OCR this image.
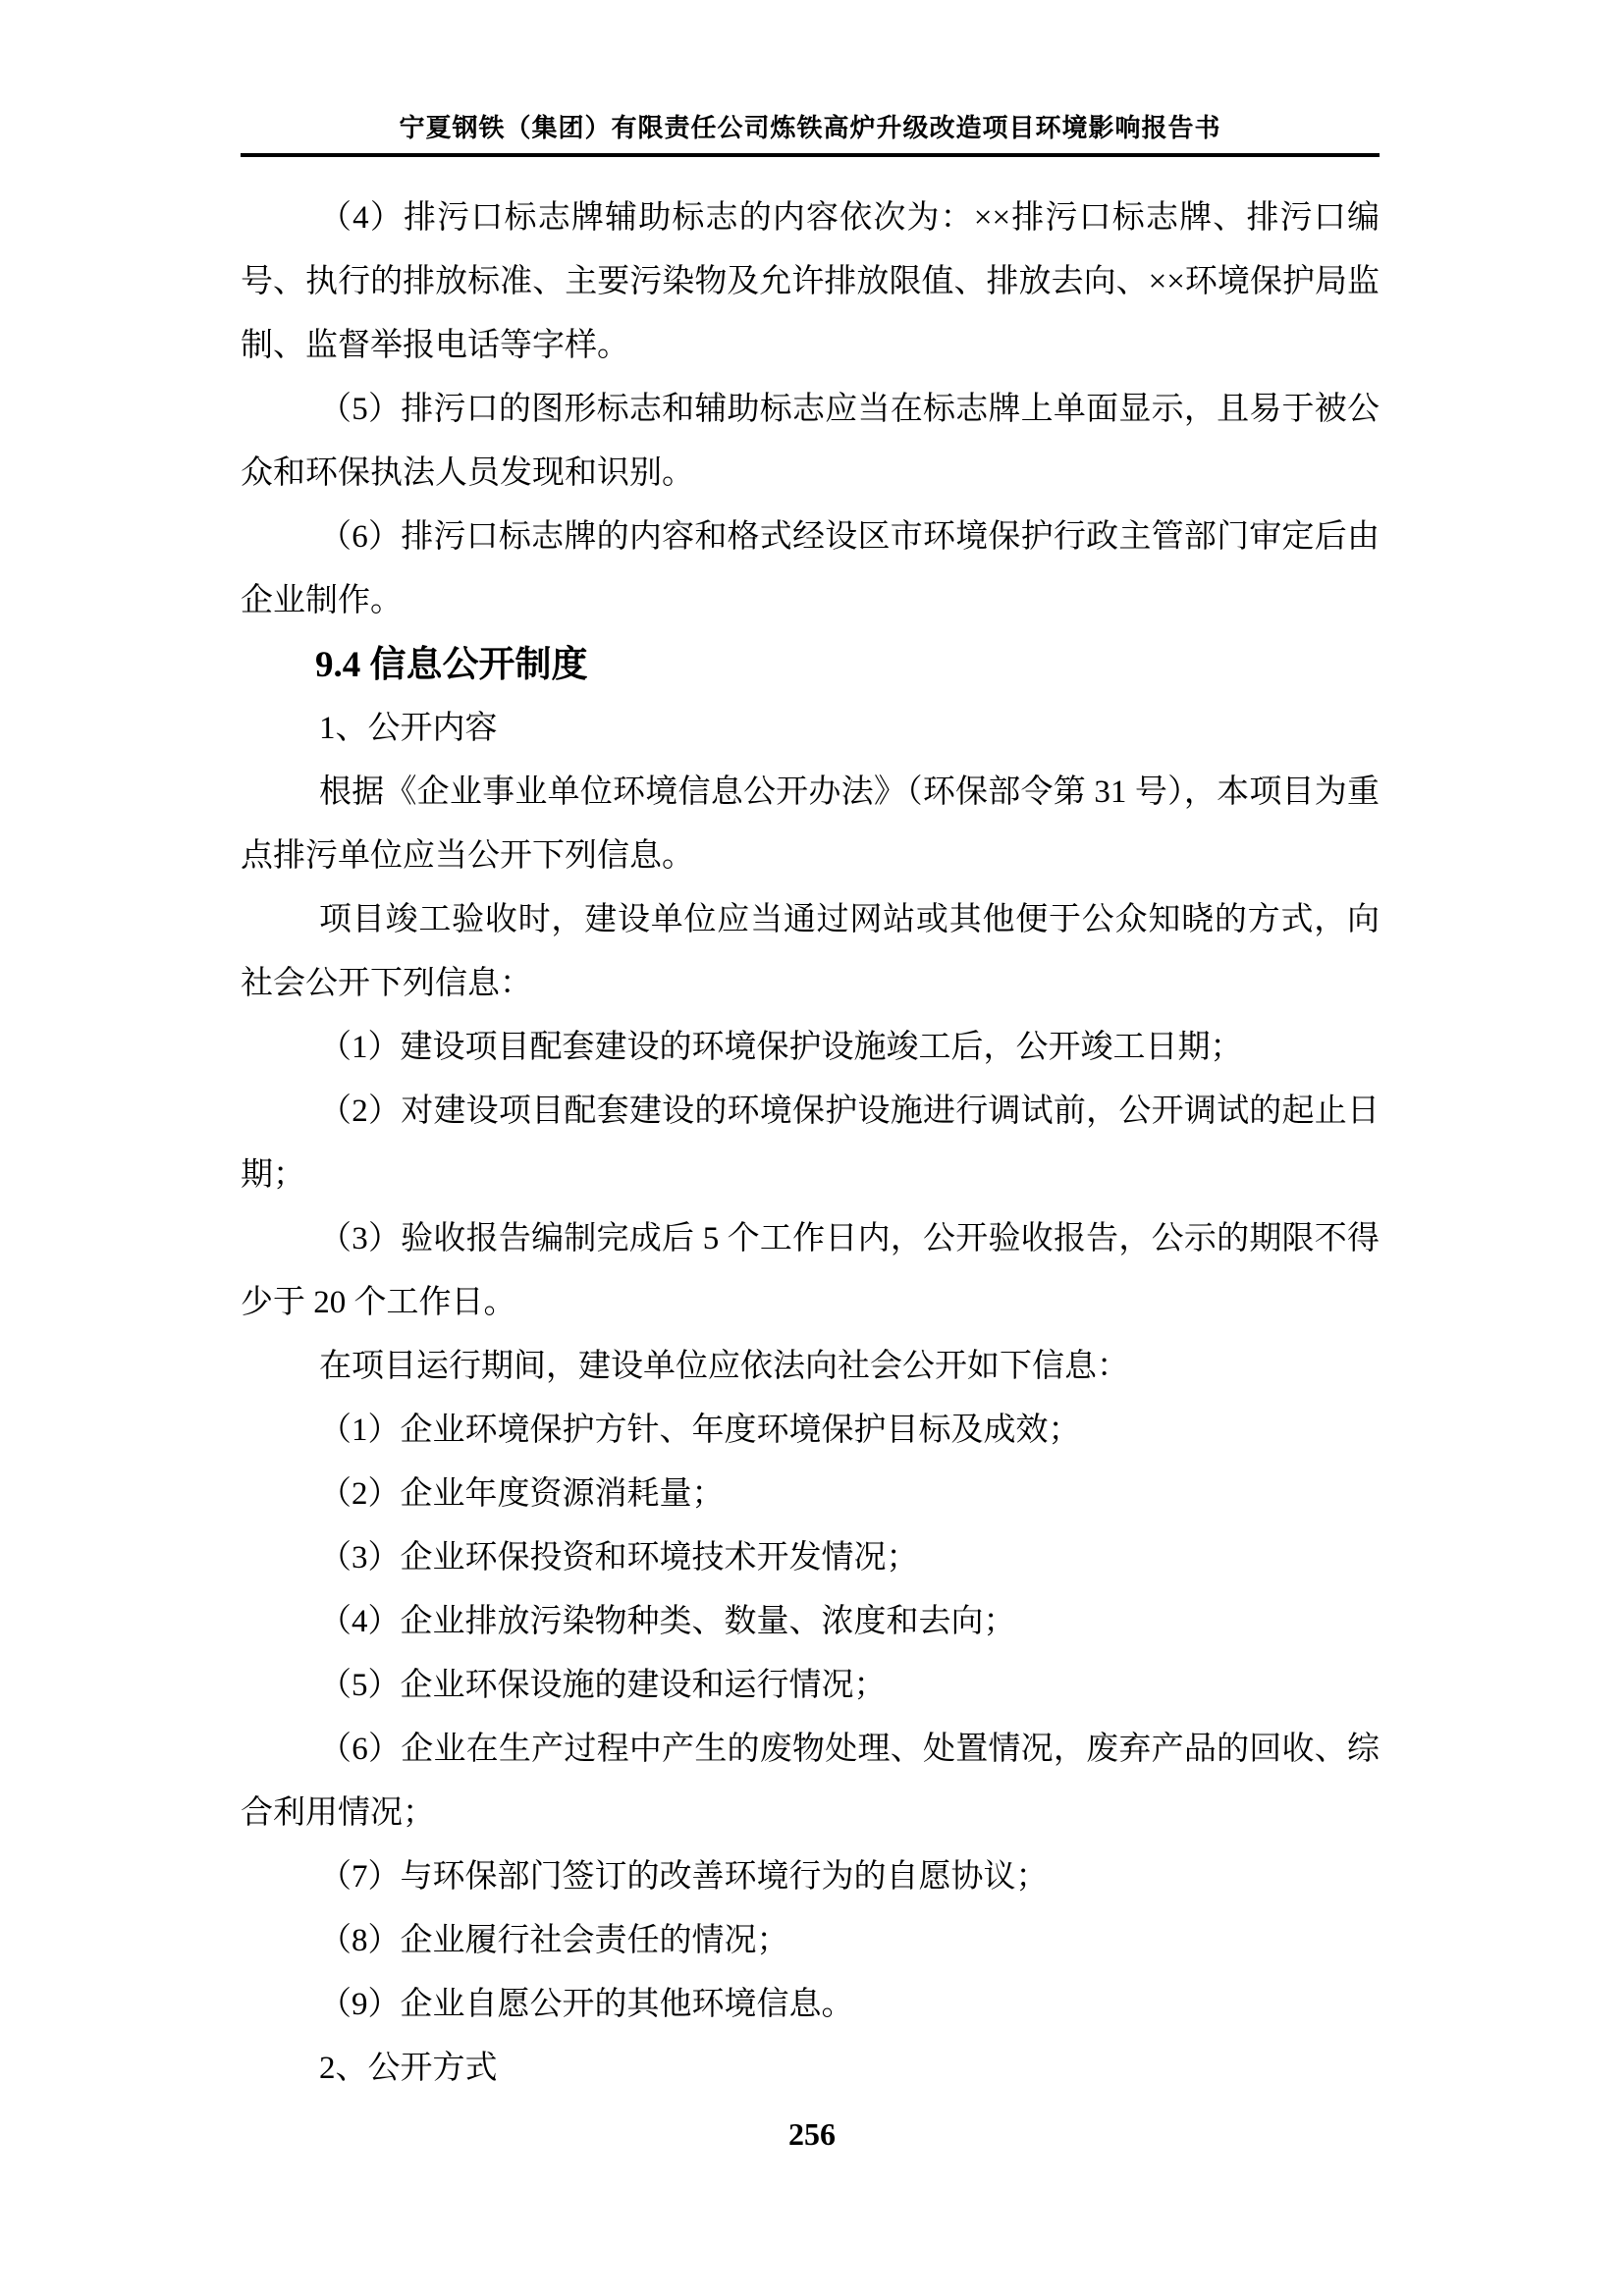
宁夏钢铁（集团）有限责任公司炼铁高炉升级改造项目环境影响报告书

（4）排污口标志牌辅助标志的内容依次为：××排污口标志牌、排污口编号、执行的排放标准、主要污染物及允许排放限值、排放去向、××环境保护局监制、监督举报电话等字样。

（5）排污口的图形标志和辅助标志应当在标志牌上单面显示，且易于被公众和环保执法人员发现和识别。

（6）排污口标志牌的内容和格式经设区市环境保护行政主管部门审定后由企业制作。

9.4 信息公开制度

1、公开内容

根据《企业事业单位环境信息公开办法》（环保部令第 31 号），本项目为重点排污单位应当公开下列信息。

项目竣工验收时，建设单位应当通过网站或其他便于公众知晓的方式，向社会公开下列信息：

（1）建设项目配套建设的环境保护设施竣工后，公开竣工日期；

（2）对建设项目配套建设的环境保护设施进行调试前，公开调试的起止日期；

（3）验收报告编制完成后 5 个工作日内，公开验收报告，公示的期限不得少于 20 个工作日。

在项目运行期间，建设单位应依法向社会公开如下信息：

（1）企业环境保护方针、年度环境保护目标及成效；

（2）企业年度资源消耗量；

（3）企业环保投资和环境技术开发情况；

（4）企业排放污染物种类、数量、浓度和去向；

（5）企业环保设施的建设和运行情况；

（6）企业在生产过程中产生的废物处理、处置情况，废弃产品的回收、综合利用情况；

（7）与环保部门签订的改善环境行为的自愿协议；

（8）企业履行社会责任的情况；

（9）企业自愿公开的其他环境信息。

2、公开方式

256
